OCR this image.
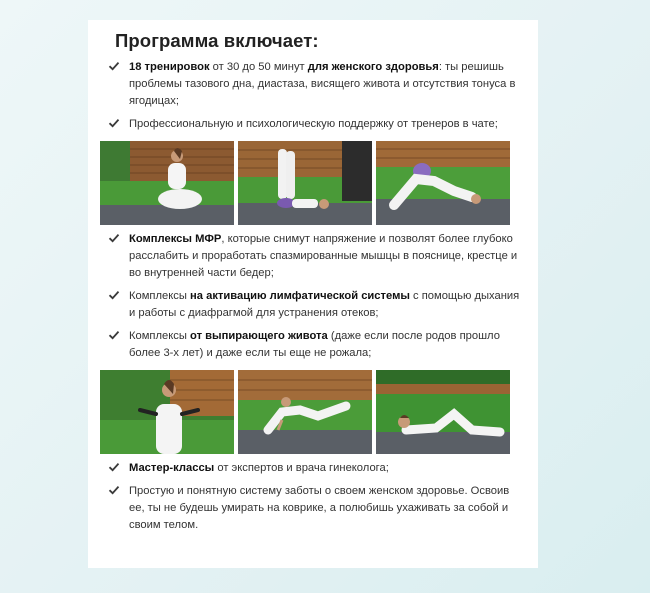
Программа включает:
18 тренировок от 30 до 50 минут для женского здоровья: ты решишь проблемы тазового дна, диастаза, висящего живота и отсутствия тонуса в ягодицах;
Профессиональную и психологическую поддержку от тренеров в чате;
Комплексы МФР, которые снимут напряжение и позволят более глубоко расслабить и проработать спазмированные мышцы в пояснице, крестце и во внутренней части бедер;
Комплексы на активацию лимфатической системы с помощью дыхания и работы с диафрагмой для устранения отеков;
Комплексы от выпирающего живота (даже если после родов прошло более 3-х лет) и даже если ты еще не рожала;
Мастер-классы от экспертов и врача гинеколога;
Простую и понятную систему заботы о своем женском здоровье. Освоив ее, ты не будешь умирать на коврике, а полюбишь ухаживать за собой и своим телом.
